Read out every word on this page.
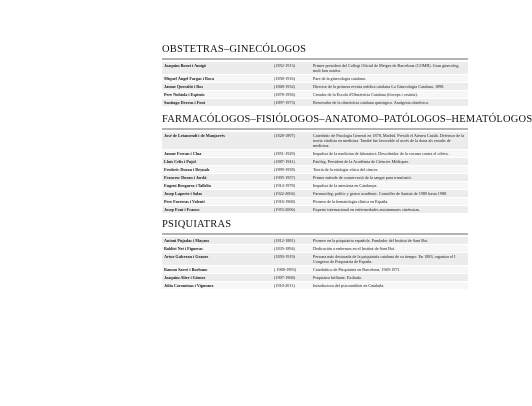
OBSTETRAS–GINECÓLOGOS
Joaquim Bonet i Amigó	(1852-1913)	Primer president del Collegi Oficial de Metges de Barcelona (COMB). Gran ginecoleg, molt bon orador.
Miquel Àngel Fargas i Roca	(1858-1916)	Pare de la ginecologia catalana.
Jaume Queraltó i Ros	(1868-1932)	Director de la primera revista mèdica catalana La Ginecologia Catalana, 1898.
Pere Nubiola i Espinós	(1878-1956)	Creador de la Escola d'Obstetrícia Catalana (fòrceps i cesària).
Santiago Dexeus i Font	(1897-1973)	Renovador de la obstetrícia catalana quirúrgica. Analgesia obstètrica.
FARMACÓLOGOS–FISIÓLOGOS–ANATOMO–PATÓLOGOS–HEMATÓLOGOS
José de Letamendi i de Manjarrés	(1828-1897)	Catedràtic de Patologia General en 1878, Madrid. Presidi el Ateneu Català. Defensor de la teoria vitalista en medicina. També fue favorable al accés de la dona als estudis de medicina.
Jaume Ferran i Clua	(1851-1929)	Impulsor de la medicina de laboratori; Descobridor de la vacuna contra el còlera.
Lluís Celis i Pujol	(1887-1941)	Patòleg. President de la Acadèmia de Ciències Mèdiques.
Frederic Duran i Reynals	(1899-1958)	Teoria de la etiologia vírica del càncer.
Francesc Duran i Jordà	(1905-1957)	Primer mètode de conservació de la sangre para transfusió.
Eugeni Brugarea i Tallelia	(1914-1978)	Impulsor de la anestesia en Catalunya.
Josep Laporte i Salas	(1922-2004)	Farmacòleg, polític y gestor acadèmic. Conseller de Sanitat de 1980 hasta 1988.
Pere Farreras i Valentí	(1916-1968)	Pionero de la hematologia clínica en España.
Josep Font i Franco	(1953-2006)	Experto internacional en enfermedades autoinmunes sistémicas.
PSIQUIATRAS
Antoni Pujadas i Mayans	(1812-1881)	Pionero en la psiquiatria española. Fundador del Institut de Sant Boi.
Baldiri Net i Figueras	(1835-1894)	Dedicación a enfermos en el Institut de Sant Boi.
Artur Galceran i Granes	(1850-1919)	Persona más destacada de la psiquiatría catalana de su tiempo. En 1883, organiza el I Congreso de Psiquiatría de España.
Ramon Sarró i Burbano	( 1900-1993)	Catedrático de Psiquiatría en Barcelona, 1949-1971.
Joaquim Alier i Gómez	(1907-1968)	Psiquiatra brillante. Exiliado.
Júlia Corominas i Vigneaux	(1910-2011)	Introductora del psicoanálisis en Cataluña.
